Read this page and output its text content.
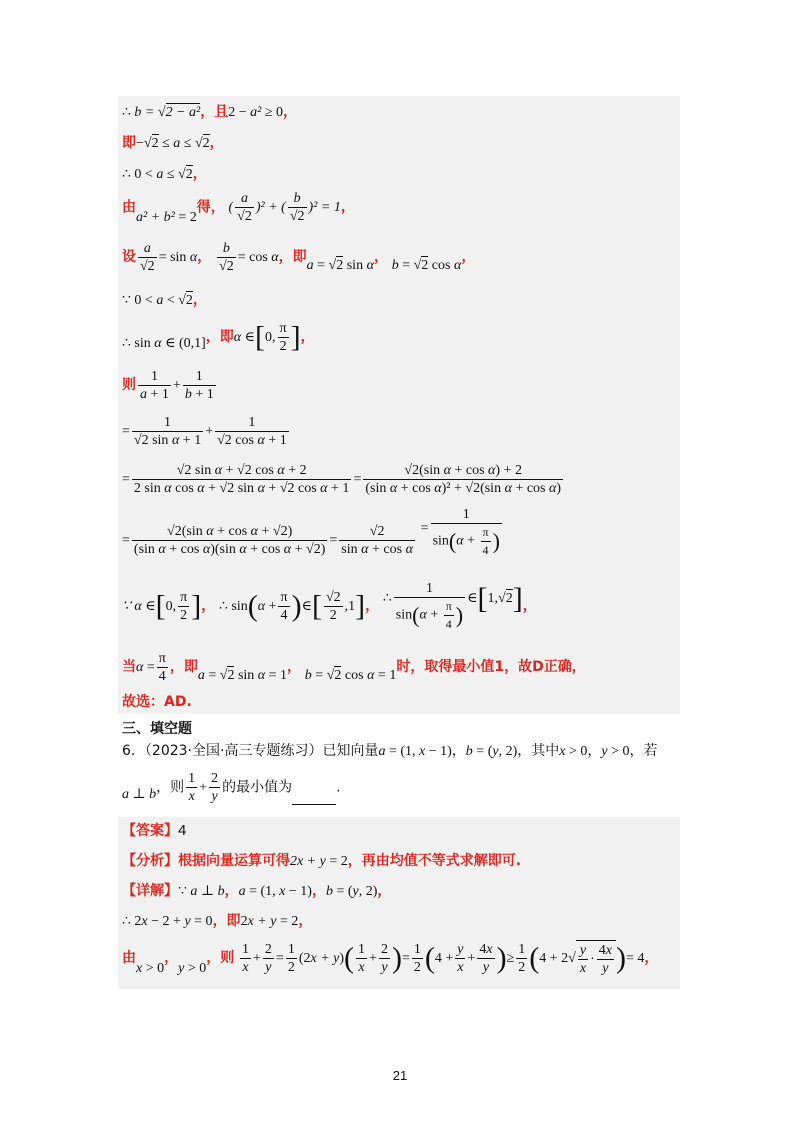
∴ b = √2 − a²，且2 − a² ≥ 0，
即−√2 ≤ a ≤ √2，
∴ 0 < a ≤ √2，
由a² + b² = 2得， ( $\frac{a}{√2} )^2$ + ( $\frac{b}{√2} )^2 = 1$，
设 $\frac{a}{√2} = \sin \alpha$， $\frac{b}{√2} = \cos \alpha$，即a = √2 sin α， b = √2 cos α，
∵ 0 < a < √2，
∴ sin α ∈ (0,1]，即α ∈[0, $\frac{\pi}{2}$ ]，
则 $\frac{1}{a + 1} + \frac{1}{b + 1}$
= $\frac{1}{\text{√2 sin α + 1}} + \frac{1}{\text{√2 cos α + 1}}$
= $\frac{\text{√2 sin α + √2 cos α + 2}}{\text{2 sin α cos α + √2 sin α + √2 cos α + 1}} = \frac{\text{√2(sin α + cos α) + 2}}{\text{(sin α + cos α)² + √2(sin α + cos α)}}$
= $\frac{\text{√2(sin α + cos α + √2)}}{\text{(sin α + cos α)(sin α + cos α + √2)}} = \frac{√2}{\text{sin α + cos α}} = \frac{1}{\sin(\alpha + \frac{\pi}{4} )}$
∵ α ∈[0, $\frac{\pi}{2}$ ]， ∴ $\sin(\alpha + \frac{\pi}{4}$ )∈[ $\frac{√2}{2} ,1$]， ∴ $\frac{1}{\sin(\alpha + \frac{\pi}{4} )}$ ∈[1,√2]，
当$\alpha = \frac{\pi}{4}$ ，即a = √2 sin α = 1， b = √2 cos α = 1时，取得最小值1，故D正确，
故选：AD.
三、填空题
6．（2023·全国·高三专题练习）已知向量a = (1, x − 1)，b = (y, 2)，其中x > 0，y > 0，若
a ⊥ b，则 $\frac{1}{x} + \frac{2}{y}$ 的最小值为	.
【答案】4
【分析】根据向量运算可得2x + y = 2，再由均值不等式求解即可.
【详解】∵ a ⊥ b，a = (1, x − 1)，b = (y, 2)，
∴ 2x − 2 + y = 0，即2x + y = 2，
由x > 0，y > 0，则 $\frac{1}{x} + \frac{2}{y} = \frac{1}{2} (2x + y)( \frac{1}{x} + \frac{2}{y}$ )= $\frac{1}{2} (4 + \frac{y}{x} + \frac{4x}{y}$ )≥ $\frac{1}{2} (4 + 2√ \frac{y}{x} \cdot \frac{4x}{y}$ )= 4，
21
